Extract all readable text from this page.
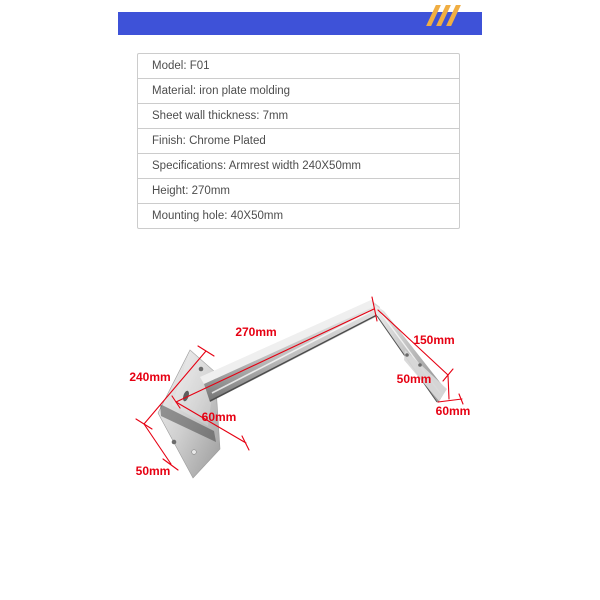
Model: F01
Material: iron plate molding
Sheet wall thickness: 7mm
Finish: Chrome Plated
Specifications: Armrest width 240X50mm
Height: 270mm
Mounting hole: 40X50mm
270mm
150mm
240mm	50mm
60mm	60mm
50mm
